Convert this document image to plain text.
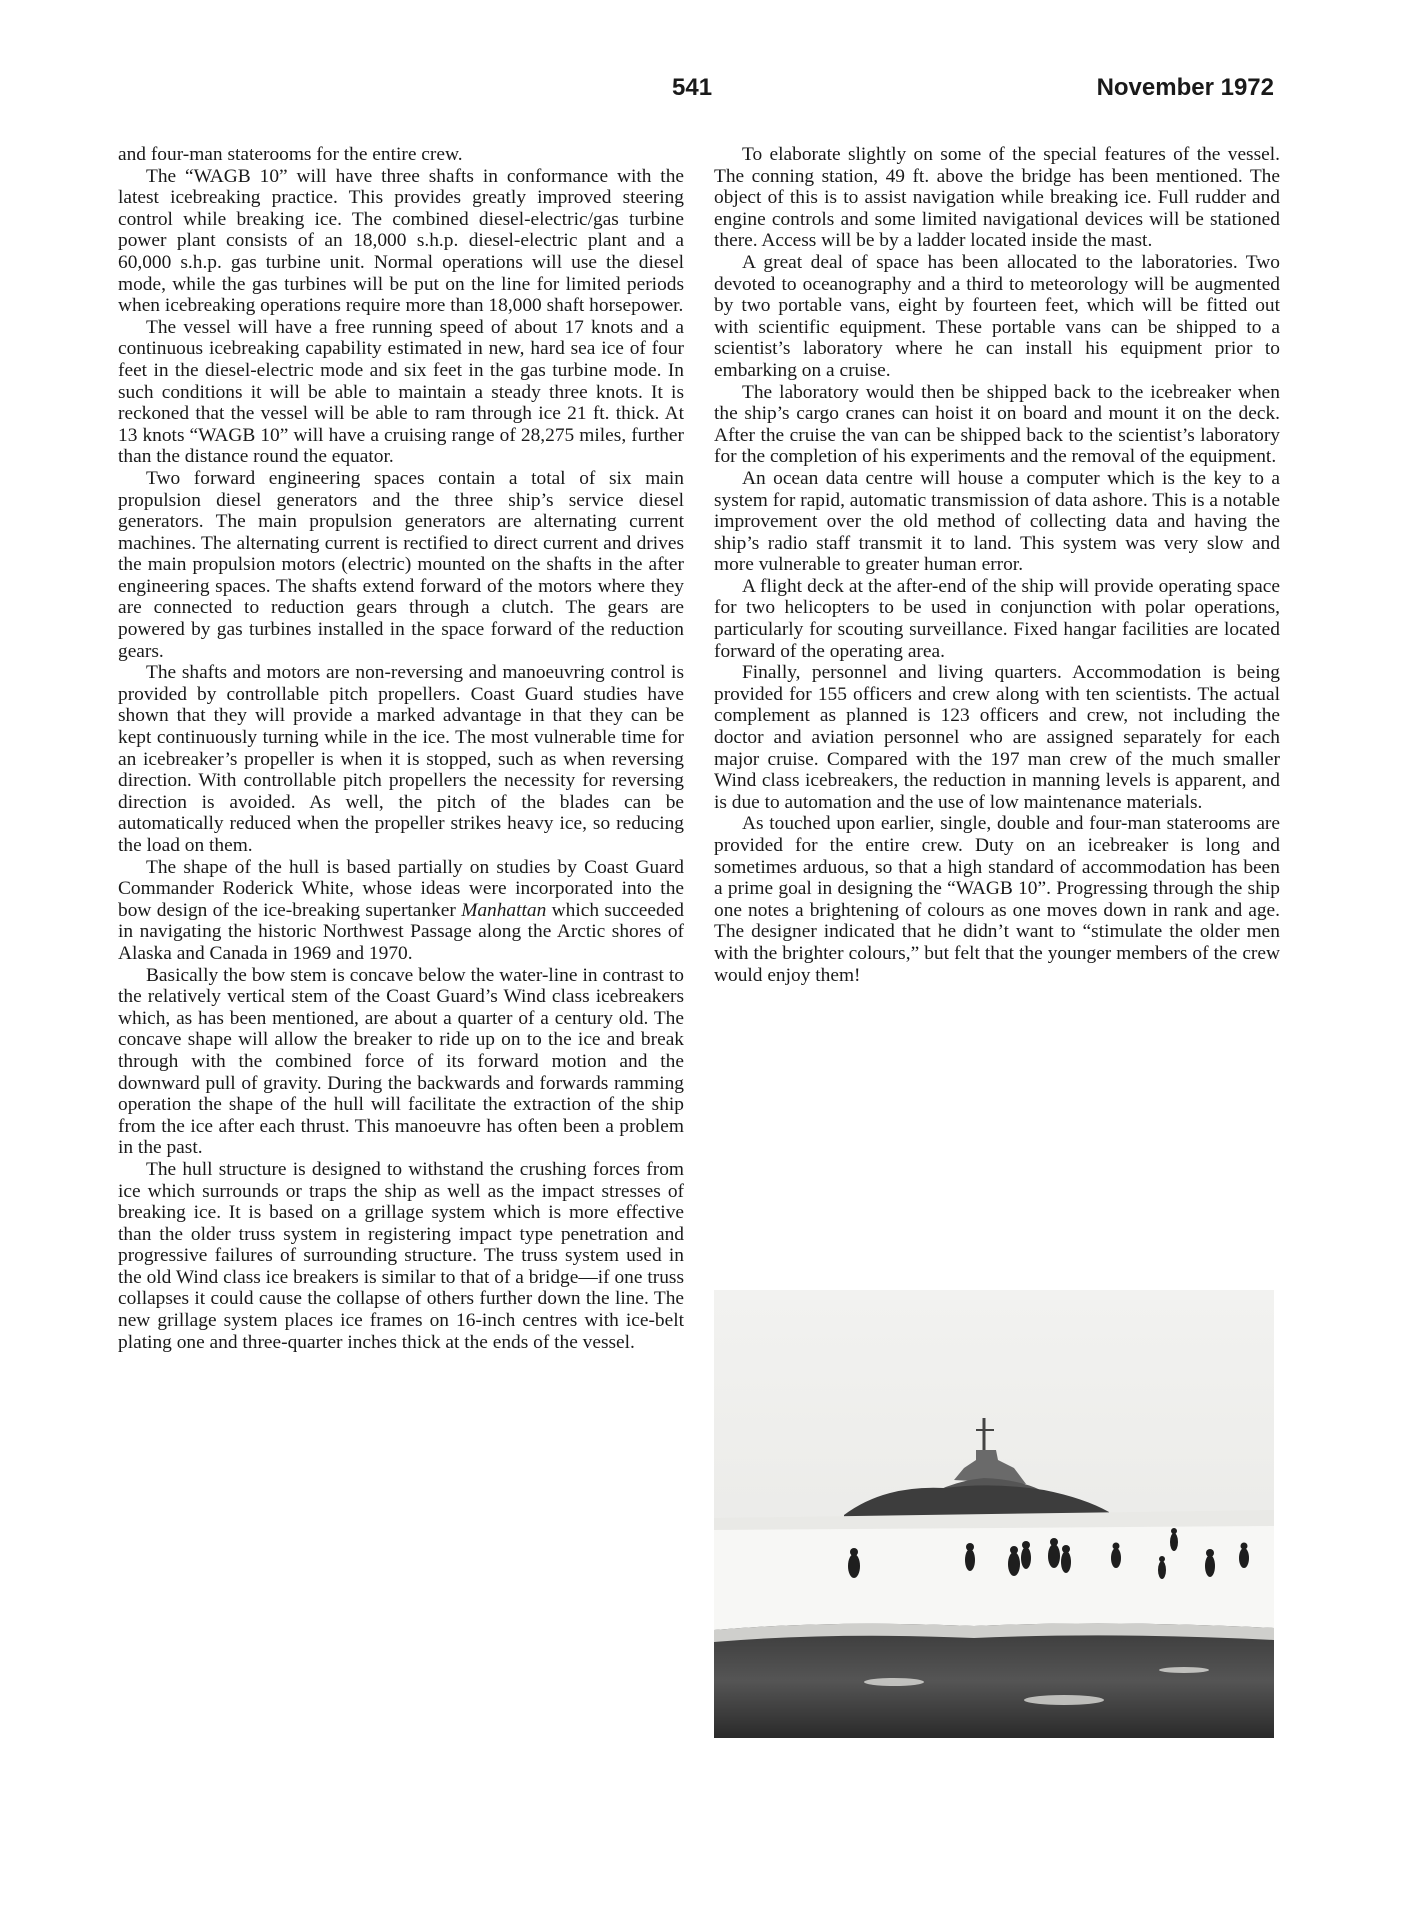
541	November 1972

and four-man staterooms for the entire crew.

The “WAGB 10” will have three shafts in conformance with the latest icebreaking practice. This provides greatly improved steering control while breaking ice. The combined diesel-electric/gas turbine power plant consists of an 18,000 s.h.p. diesel-electric plant and a 60,000 s.h.p. gas turbine unit. Normal operations will use the diesel mode, while the gas turbines will be put on the line for limited periods when icebreaking operations require more than 18,000 shaft horsepower.

The vessel will have a free running speed of about 17 knots and a continuous icebreaking capability estimated in new, hard sea ice of four feet in the diesel-electric mode and six feet in the gas turbine mode. In such conditions it will be able to maintain a steady three knots. It is reckoned that the vessel will be able to ram through ice 21 ft. thick. At 13 knots “WAGB 10” will have a cruising range of 28,275 miles, further than the distance round the equator.

Two forward engineering spaces contain a total of six main propulsion diesel generators and the three ship’s service diesel generators. The main propulsion generators are alternating current machines. The alternating current is rectified to direct current and drives the main propulsion motors (electric) mounted on the shafts in the after engineering spaces. The shafts extend forward of the motors where they are connected to reduction gears through a clutch. The gears are powered by gas turbines installed in the space forward of the reduction gears.

The shafts and motors are non-reversing and manoeuvring control is provided by controllable pitch propellers. Coast Guard studies have shown that they will provide a marked advantage in that they can be kept continuously turning while in the ice. The most vulnerable time for an icebreaker’s propeller is when it is stopped, such as when reversing direction. With controllable pitch propellers the necessity for reversing direction is avoided. As well, the pitch of the blades can be automatically reduced when the propeller strikes heavy ice, so reducing the load on them.

The shape of the hull is based partially on studies by Coast Guard Commander Roderick White, whose ideas were incorporated into the bow design of the ice-breaking supertanker Manhattan which succeeded in navigating the historic Northwest Passage along the Arctic shores of Alaska and Canada in 1969 and 1970.

Basically the bow stem is concave below the water-line in contrast to the relatively vertical stem of the Coast Guard’s Wind class icebreakers which, as has been mentioned, are about a quarter of a century old. The concave shape will allow the breaker to ride up on to the ice and break through with the combined force of its forward motion and the downward pull of gravity. During the backwards and forwards ramming operation the shape of the hull will facilitate the extraction of the ship from the ice after each thrust. This manoeuvre has often been a problem in the past.

The hull structure is designed to withstand the crushing forces from ice which surrounds or traps the ship as well as the impact stresses of breaking ice. It is based on a grillage system which is more effective than the older truss system in registering impact type penetration and progressive failures of surrounding structure. The truss system used in the old Wind class ice breakers is similar to that of a bridge—if one truss collapses it could cause the collapse of others further down the line. The new grillage system places ice frames on 16-inch centres with ice-belt plating one and three-quarter inches thick at the ends of the vessel.

To elaborate slightly on some of the special features of the vessel. The conning station, 49 ft. above the bridge has been mentioned. The object of this is to assist navigation while breaking ice. Full rudder and engine controls and some limited navigational devices will be stationed there. Access will be by a ladder located inside the mast.

A great deal of space has been allocated to the laboratories. Two devoted to oceanography and a third to meteorology will be augmented by two portable vans, eight by fourteen feet, which will be fitted out with scientific equipment. These portable vans can be shipped to a scientist’s laboratory where he can install his equipment prior to embarking on a cruise.

The laboratory would then be shipped back to the icebreaker when the ship’s cargo cranes can hoist it on board and mount it on the deck. After the cruise the van can be shipped back to the scientist’s laboratory for the completion of his experiments and the removal of the equipment.

An ocean data centre will house a computer which is the key to a system for rapid, automatic transmission of data ashore. This is a notable improvement over the old method of collecting data and having the ship’s radio staff transmit it to land. This system was very slow and more vulnerable to greater human error.

A flight deck at the after-end of the ship will provide operating space for two helicopters to be used in conjunction with polar operations, particularly for scouting surveillance. Fixed hangar facilities are located forward of the operating area.

Finally, personnel and living quarters. Accommodation is being provided for 155 officers and crew along with ten scientists. The actual complement as planned is 123 officers and crew, not including the doctor and aviation personnel who are assigned separately for each major cruise. Compared with the 197 man crew of the much smaller Wind class icebreakers, the reduction in manning levels is apparent, and is due to automation and the use of low maintenance materials.

As touched upon earlier, single, double and four-man staterooms are provided for the entire crew. Duty on an icebreaker is long and sometimes arduous, so that a high standard of accommodation has been a prime goal in designing the “WAGB 10”. Progressing through the ship one notes a brightening of colours as one moves down in rank and age. The designer indicated that he didn’t want to “stimulate the older men with the brighter colours,” but felt that the younger members of the crew would enjoy them!
